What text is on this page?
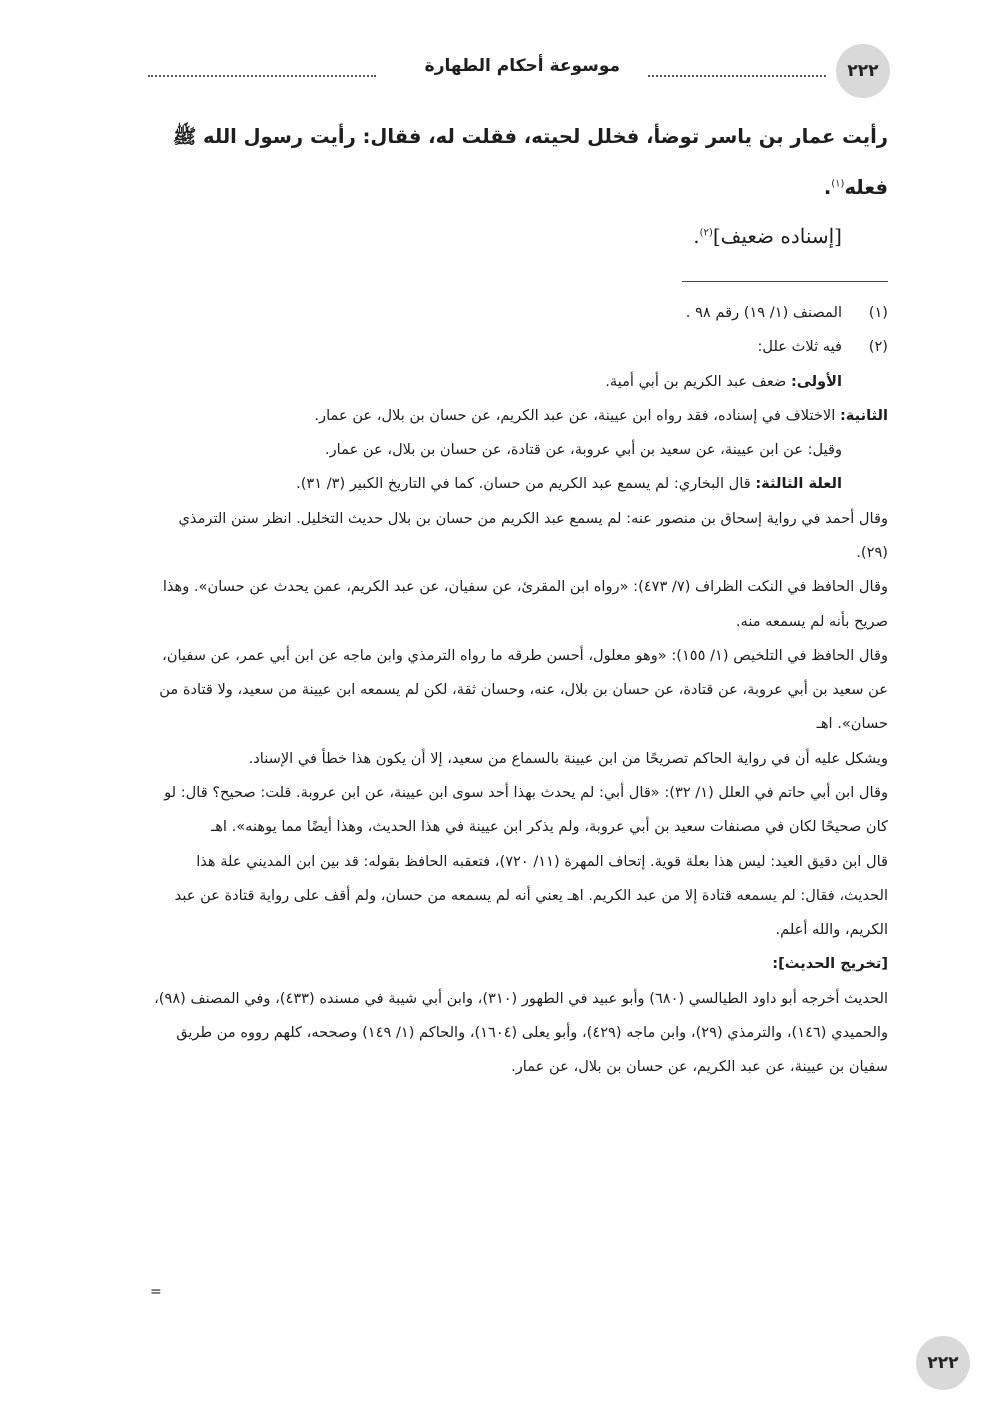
موسوعة أحكام الطهارة	٢٢٢

رأيت عمار بن ياسر توضأ، فخلل لحيته، فقلت له، فقال: رأيت رسول الله ﷺ

فعله$^{(١)}$.

[إسناده ضعيف]$^{(٢)}$.
(١)
المصنف (١/ ١٩) رقم ٩٨ .
(٢)
فيه ثلاث علل:

الأولى: ضعف عبد الكريم بن أبي أمية.

الثانية: الاختلاف في إسناده، فقد رواه ابن عيينة، عن عبد الكريم، عن حسان بن بلال، عن عمار.

وقيل: عن ابن عيينة، عن سعيد بن أبي عروبة، عن قتادة، عن حسان بن بلال، عن عمار.

العلة الثالثة: قال البخاري: لم يسمع عبد الكريم من حسان. كما في التاريخ الكبير (٣/ ٣١).

وقال أحمد في رواية إسحاق بن منصور عنه: لم يسمع عبد الكريم من حسان بن بلال حديث التخليل. انظر سنن الترمذي (٢٩).

وقال الحافظ في النكت الظراف (٧/ ٤٧٣): «رواه ابن المقرئ، عن سفيان، عن عبد الكريم، عمن يحدث عن حسان». وهذا صريح بأنه لم يسمعه منه.

وقال الحافظ في التلخيص (١/ ١٥٥): «وهو معلول، أحسن طرقه ما رواه الترمذي وابن ماجه عن ابن أبي عمر، عن سفيان، عن سعيد بن أبي عروبة، عن قتادة، عن حسان بن بلال، عنه، وحسان ثقة، لكن لم يسمعه ابن عيينة من سعيد، ولا قتادة من حسان». اهـ

ويشكل عليه أن في رواية الحاكم تصريحًا من ابن عيينة بالسماع من سعيد، إلا أن يكون هذا خطأ في الإسناد.

وقال ابن أبي حاتم في العلل (١/ ٣٢): «قال أبي: لم يحدث بهذا أحد سوى ابن عيينة، عن ابن عروبة. قلت: صحيح؟ قال: لو كان صحيحًا لكان في مصنفات سعيد بن أبي عروبة، ولم يذكر ابن عيينة في هذا الحديث، وهذا أيضًا مما يوهنه». اهـ

قال ابن دقيق العيد: ليس هذا بعلة قوية. إتحاف المهرة (١١/ ٧٢٠)، فتعقبه الحافظ بقوله: قد بين ابن المديني علة هذا الحديث، فقال: لم يسمعه قتادة إلا من عبد الكريم. اهـ يعني أنه لم يسمعه من حسان، ولم أقف على رواية قتادة عن عبد الكريم، والله أعلم.

[تخريج الحديث]:

الحديث أخرجه أبو داود الطيالسي (٦٨٠) وأبو عبيد في الطهور (٣١٠)، وابن أبي شيبة في مسنده (٤٣٣)، وفي المصنف (٩٨)، والحميدي (١٤٦)، والترمذي (٢٩)، وابن ماجه (٤٢٩)، وأبو يعلى (١٦٠٤)، والحاكم (١/ ١٤٩) وصححه، كلهم رووه من طريق سفيان بن عيينة، عن عبد الكريم، عن حسان بن بلال، عن عمار.

=
٢٢٢
